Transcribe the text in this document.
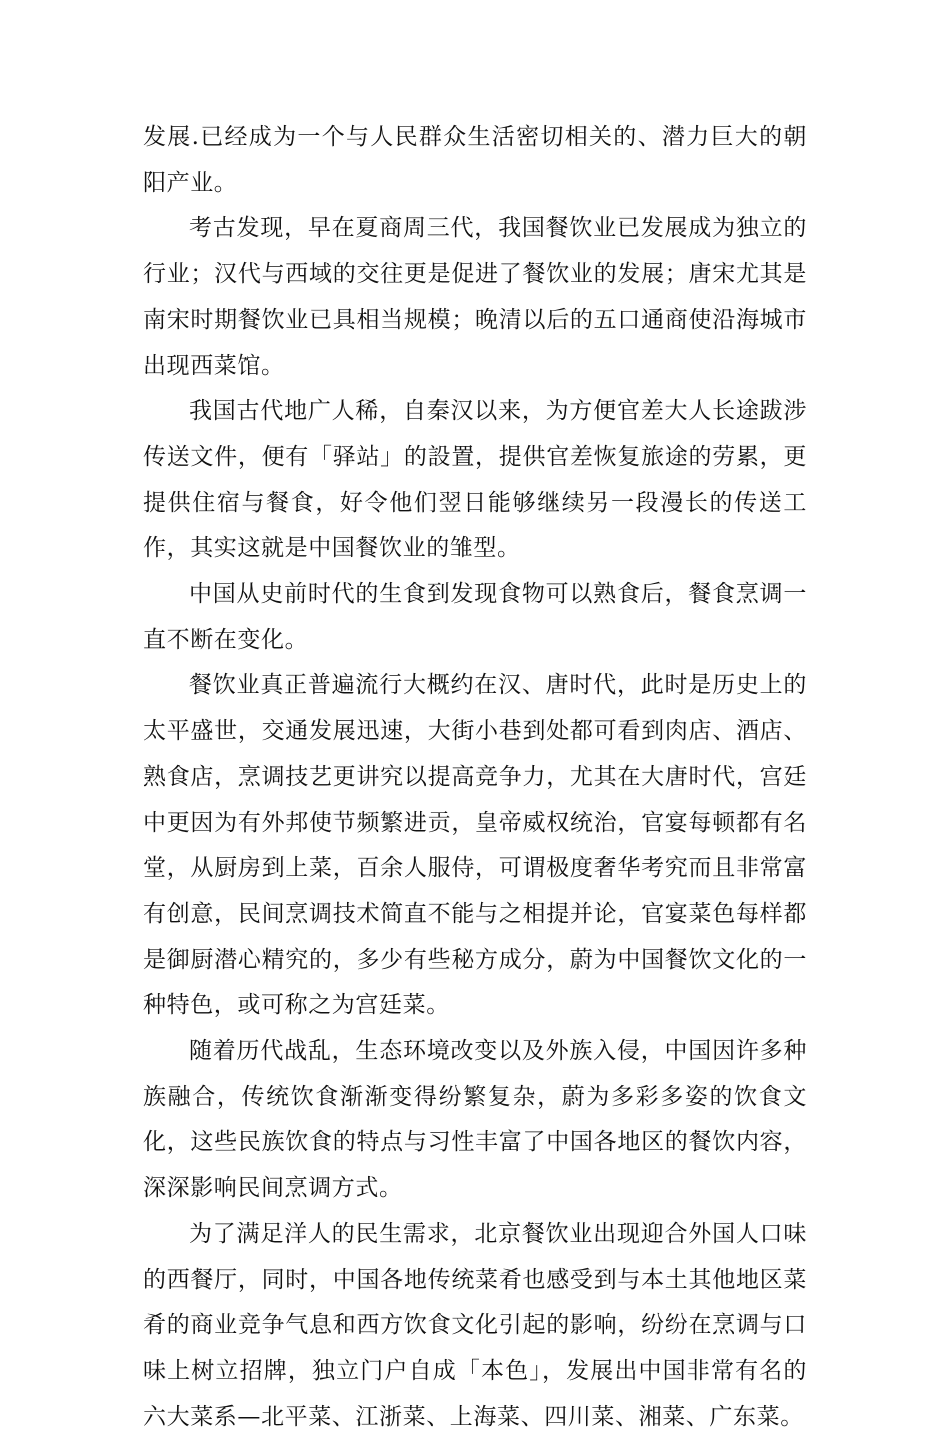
发展.已经成为一个与人民群众生活密切相关的、潜力巨大的朝阳产业。

考古发现，早在夏商周三代，我国餐饮业已发展成为独立的行业；汉代与西域的交往更是促进了餐饮业的发展；唐宋尤其是南宋时期餐饮业已具相当规模；晚清以后的五口通商使沿海城市出现西菜馆。

我国古代地广人稀，自秦汉以来，为方便官差大人长途跋涉传送文件，便有「驿站」的設置，提供官差恢复旅途的劳累，更提供住宿与餐食，好令他们翌日能够继续另一段漫长的传送工作，其实这就是中国餐饮业的雏型。

中国从史前时代的生食到发现食物可以熟食后，餐食烹调一直不断在变化。

餐饮业真正普遍流行大概约在汉、唐时代，此时是历史上的太平盛世，交通发展迅速，大街小巷到处都可看到肉店、酒店、熟食店，烹调技艺更讲究以提高竞争力，尤其在大唐时代，宫廷中更因为有外邦使节频繁进贡，皇帝威权统治，官宴每顿都有名堂，从厨房到上菜，百余人服侍，可谓极度奢华考究而且非常富有创意，民间烹调技术简直不能与之相提并论，官宴菜色每样都是御厨潜心精究的，多少有些秘方成分，蔚为中国餐饮文化的一种特色，或可称之为宫廷菜。

随着历代战乱，生态环境改变以及外族入侵，中国因许多种族融合，传统饮食渐渐变得纷繁复杂，蔚为多彩多姿的饮食文化，这些民族饮食的特点与习性丰富了中国各地区的餐饮内容，深深影响民间烹调方式。

为了满足洋人的民生需求，北京餐饮业出现迎合外国人口味的西餐厅，同时，中国各地传统菜肴也感受到与本土其他地区菜肴的商业竞争气息和西方饮食文化引起的影响，纷纷在烹调与口味上树立招牌，独立门户自成「本色」，发展出中国非常有名的六大菜系—北平菜、江浙菜、上海菜、四川菜、湘菜、广东菜。
